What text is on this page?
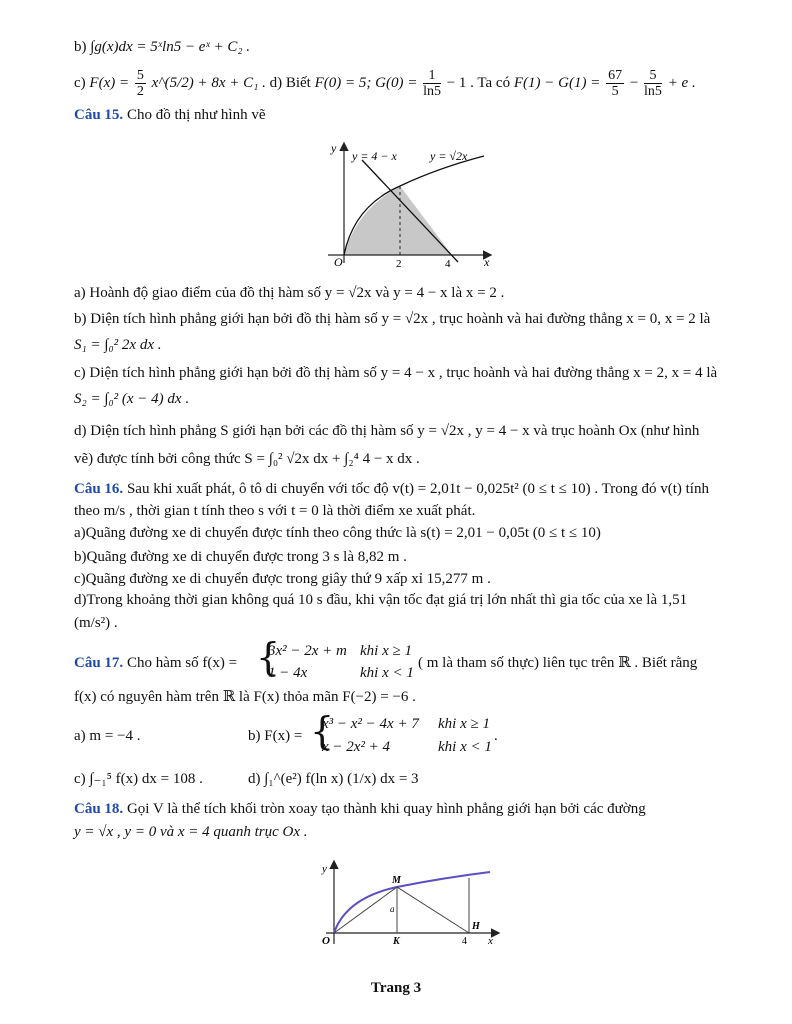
b) ∫g(x)dx = 5ˣln5 − eˣ + C₂ .
c) $F(x) = \frac{5}{2}$ x^(5/2) + 8x + C₁ . d) Biết F(0) = 5; $G(0) = \frac{1}{\ln 5} - 1$ . Ta có $F(1) - G(1) = \frac{67}{5} - \frac{5}{\ln 5} + e$ .
Câu 15. Cho đồ thị như hình vẽ
y
x
O	2	4
y = 4 − x	y = √2x
a) Hoành độ giao điểm của đồ thị hàm số y = √2x và y = 4 − x là x = 2 .
b) Diện tích hình phẳng giới hạn bởi đồ thị hàm số y = √2x , trục hoành và hai đường thẳng x = 0, x = 2 là
S₁ = ∫₀² 2x dx .
c) Diện tích hình phẳng giới hạn bởi đồ thị hàm số y = 4 − x , trục hoành và hai đường thẳng x = 2, x = 4 là
S₂ = ∫₀² (x − 4) dx .
d) Diện tích hình phẳng S giới hạn bởi các đồ thị hàm số y = √2x , y = 4 − x và trục hoành Ox (như hình
vẽ) được tính bởi công thức S = ∫₀² √2x dx + ∫₂⁴ 4 − x dx .
Câu 16. Sau khi xuất phát, ô tô di chuyển với tốc độ v(t) = 2,01t − 0,025t² (0 ≤ t ≤ 10) . Trong đó v(t) tính
theo m/s , thời gian t tính theo s với t = 0 là thời điểm xe xuất phát.
a)Quãng đường xe di chuyển được tính theo công thức là s(t) = 2,01 − 0,05t (0 ≤ t ≤ 10)
b)Quãng đường xe di chuyển được trong 3 s là 8,82 m .
c)Quãng đường xe di chuyển được trong giây thứ 9 xấp xỉ 15,277 m .
d)Trong khoảng thời gian không quá 10 s đầu, khi vận tốc đạt giá trị lớn nhất thì gia tốc của xe là 1,51
(m/s²) .
Câu 17. Cho hàm số f(x) = {
3x² − 2x + m khi x ≥ 1
1 − 4x	khi x < 1
( m là tham số thực) liên tục trên ℝ . Biết rằng
f(x) có nguyên hàm trên ℝ là F(x) thỏa mãn F(−2) = −6 .
a) m = −4 .	b) F(x) = {
x³ − x² − 4x + 7 khi x ≥ 1
x − 2x² + 4	khi x < 1
.
c) ∫₋₁⁵ f(x) dx = 108 .	d) ∫₁^(e²) f(ln x) (1/x) dx = 3
Câu 18. Gọi V là thể tích khối tròn xoay tạo thành khi quay hình phẳng giới hạn bởi các đường
y = √x , y = 0 và x = 4 quanh trục Ox .
y
x
O
M
K
H
a
4
Trang 3
